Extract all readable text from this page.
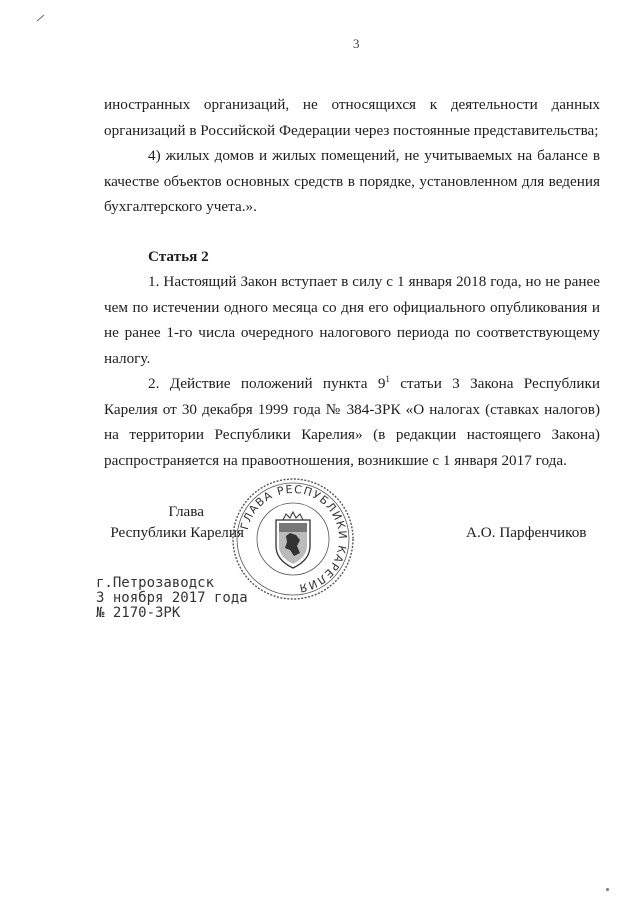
3

иностранных организаций, не относящихся к деятельности данных организаций в Российской Федерации через постоянные представительства;

4) жилых домов и жилых помещений, не учитываемых на балансе в качестве объектов основных средств в порядке, установленном для ведения бухгалтерского учета.».

Статья 2

1. Настоящий Закон вступает в силу с 1 января 2018 года, но не ранее чем по истечении одного месяца со дня его официального опубликования и не ранее 1-го числа очередного налогового периода по соответствующему налогу.

2. Действие положений пункта $9^1$ статьи 3 Закона Республики Карелия от 30 декабря 1999 года № 384-ЗРК «О налогах (ставках налогов) на территории Республики Карелия» (в редакции настоящего Закона) распространяется на правоотношения, возникшие с 1 января 2017 года.

Глава
Республики Карелия
ГЛАВА РЕСПУБЛИКИ КАРЕЛИЯ
А.О. Парфенчиков
г.Петрозаводск
3 ноября 2017 года
№ 2170-ЗРК
